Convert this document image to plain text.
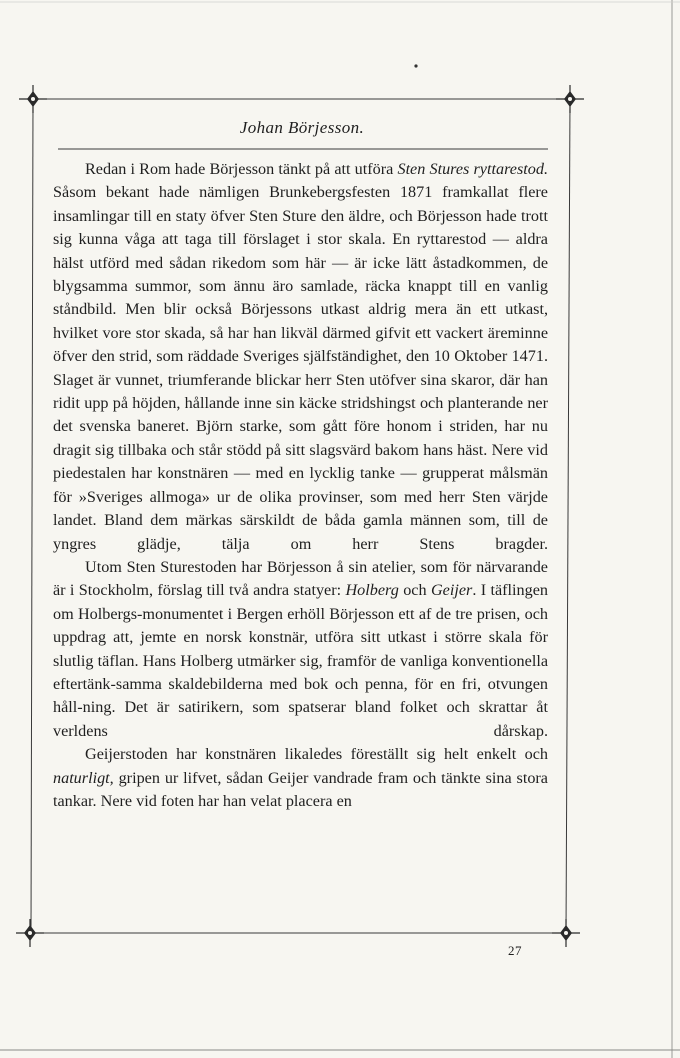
Johan Börjesson.

Redan i Rom hade Börjesson tänkt på att utföra Sten Stures ryttarestod. Såsom bekant hade nämligen Brunkebergsfesten 1871 framkallat flere insamlingar till en staty öfver Sten Sture den äldre, och Börjesson hade trott sig kunna våga att taga till förslaget i stor skala. En ryttarestod — aldra hälst utförd med sådan rikedom som här — är icke lätt åstadkommen, de blygsamma summor, som ännu äro samlade, räcka knappt till en vanlig ståndbild. Men blir också Börjessons utkast aldrig mera än ett utkast, hvilket vore stor skada, så har han likväl därmed gifvit ett vackert äreminne öfver den strid, som räddade Sveriges själfständighet, den 10 Oktober 1471. Slaget är vunnet, triumferande blickar herr Sten utöfver sina skaror, där han ridit upp på höjden, hållande inne sin käcke stridshingst och planterande ner det svenska baneret. Björn starke, som gått före honom i striden, har nu dragit sig tillbaka och står stödd på sitt slagsvärd bakom hans häst. Nere vid piedestalen har konstnären — med en lycklig tanke — grupperat målsmän för »Sveriges allmoga» ur de olika provinser, som med herr Sten värjde landet. Bland dem märkas särskildt de båda gamla männen som, till de yngres glädje, tälja om herr Stens bragder.

Utom Sten Sturestoden har Börjesson å sin atelier, som för närvarande är i Stockholm, förslag till två andra statyer: Holberg och Geijer. I täflingen om Holbergs-monumentet i Bergen erhöll Börjesson ett af de tre prisen, och uppdrag att, jemte en norsk konstnär, utföra sitt utkast i större skala för slutlig täflan. Hans Holberg utmärker sig, framför de vanliga konventionella eftertänk-samma skaldebilderna med bok och penna, för en fri, otvungen håll-ning. Det är satirikern, som spatserar bland folket och skrattar åt verldens dårskap.

Geijerstoden har konstnären likaledes föreställt sig helt enkelt och naturligt, gripen ur lifvet, sådan Geijer vandrade fram och tänkte sina stora tankar. Nere vid foten har han velat placera en

27
